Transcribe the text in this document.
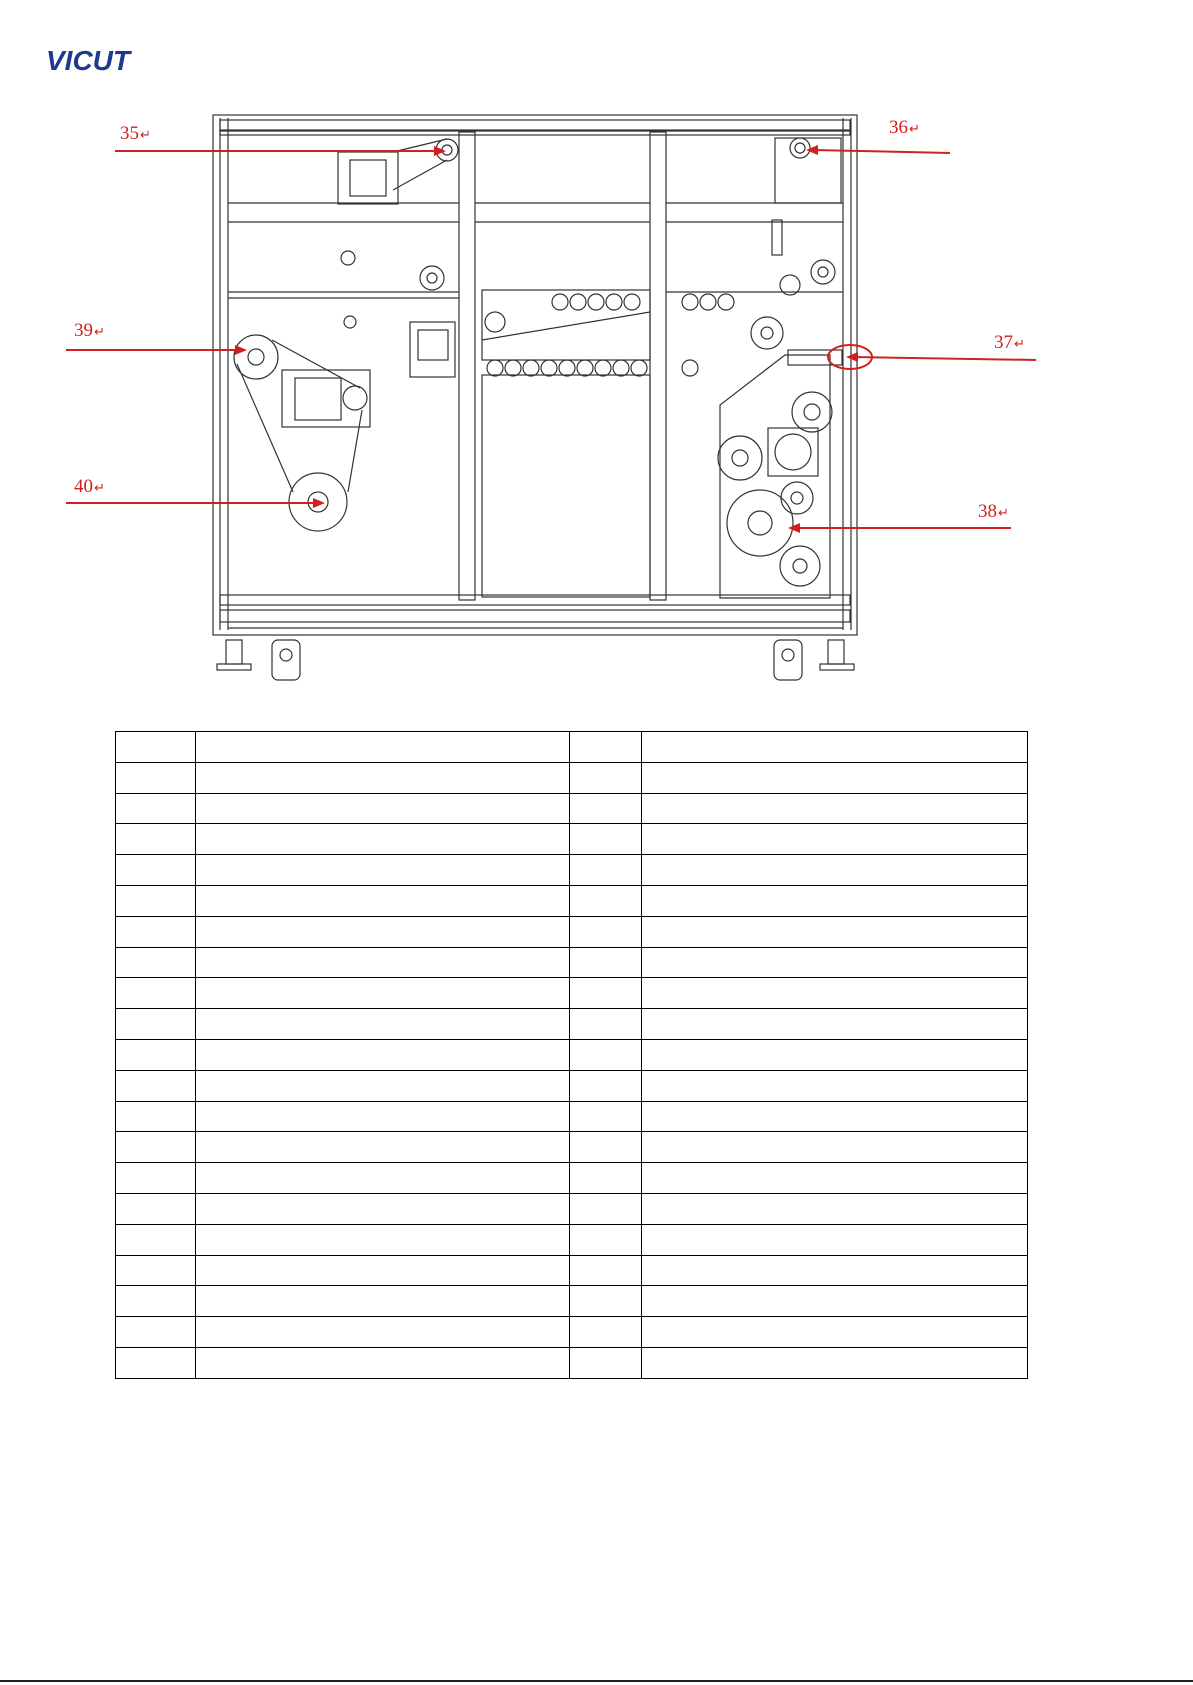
VICUT
35↵	36↵
37↵
38↵
39↵
40↵
